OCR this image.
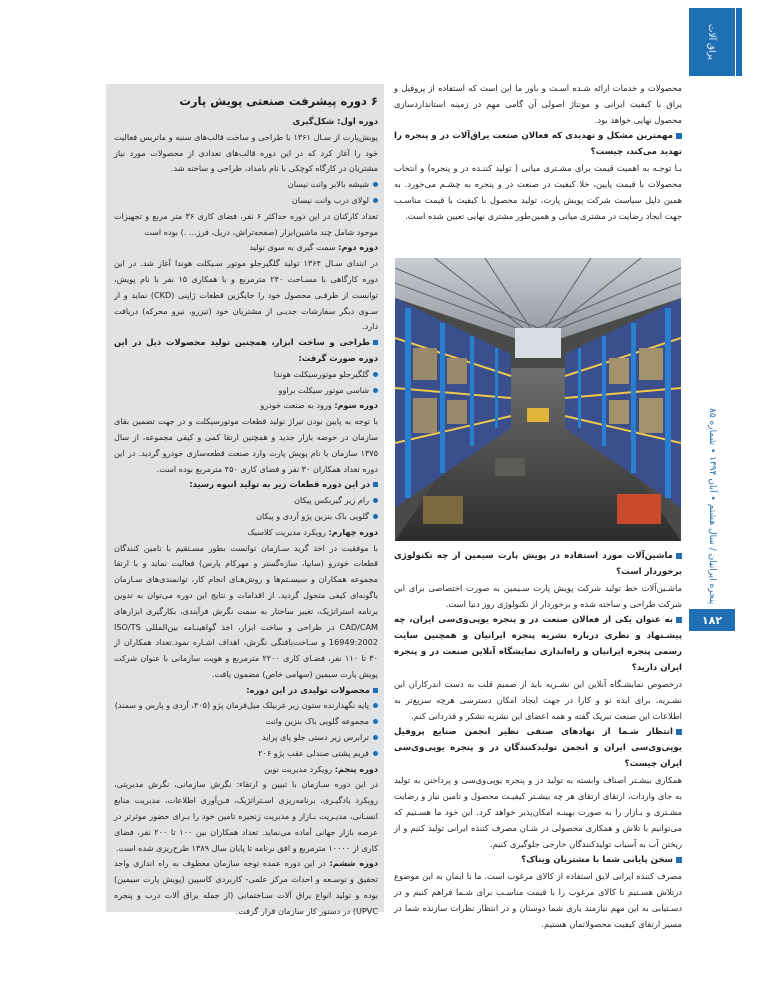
یراق آلات
پنجره ایرانیان / سال هشتم • آبان ۱۳۹۴ • شماره ۸۵
۱۸۲

محصولات و خدمات ارائه شـده اسـت و باور ما این است که استفاده از پروفیل و یراق با کیفیت ایرانی و مونتاژ اصولی آن گامی مهم در زمینه استانداردسازی محصول نهایی خواهد بود.

مهمترین مشکل و تهدیدی که فعالان صنعت یراق‌آلات در و پنجره را تهدید می‌کند، چیست؟

بـا توجـه به اهمیت قیمت برای مشـتری میانی ( تولید کننـده در و پنجره) و انتخاب محصولات با قیمت پایین، خلا کیفیت در صنعت در و پنجره به چشـم می‌خورد. به همین دلیل سیاست شرکت پویش پارت، تولید محصول با کیفیت با قیمت مناسـب جهت ایجاد رضایت در مشتری میانی و همین‌طور مشتری نهایی تعیین شده است.

ماشین‌آلات مورد استفاده در پویش پارت سیمین از چه تکنولوژی برخوردار است؟

ماشـین‌آلات خط تولید شرکت پویش پارت سـیمین به صورت اختصاصی برای این شرکت طراحی و ساخته شده و برخوردار از تکنولوژی روز دنیا است.

به عنوان یکی از فعالان صنعت در و پنجره یوپی‌وی‌سی ایران، چه پیشـنهاد و نظری درباره نشریه پنجره ایرانیان و همچنین سایت رسمی پنجره ایرانیان و راه‌اندازی نمایشگاه آنلاین صنعت در و پنجره ایران دارید؟

درخصوص نمایشـگاه آنلاین این نشـریه باید از صمیم قلب به دست اندرکاران این نشـریه، برای ایده نو و کارا در جهت ایجاد امکان دسترسی هرچه سریع‌تر به اطلاعات این صنعت تبریک گفته و همه اعضای این نشریه تشکر و قدردانی کنم.

انتظار شـما از نهادهای صنفی نظیر انجمن صنایع پروفیل یوپی‌وی‌سی ایران و انجمن تولیدکنندگان در و پنجره یوپی‌وی‌سی ایران چیست؟

همکاری بیشـتر اصناف وابسته به تولید در و پنجره یوپی‌وی‌سی و پرداختن به تولید به جای واردات، ارتقای ارتقای هر چه بیشـتر کیفیـت محصول و تامین نیاز و رضایت مشـتری و بـازار را به صورت بهینـه امکان‌پذیر خواهد کرد. این خود ما هسـتیم که می‌توانیم با تلاش و همکاری محصولی در شـان مصرف کننده ایرانی تولید کنیم و از ریختن آب به آسیاب تولیدکنندگان خارجی جلوگیری کنیم.

سخن پایانی شما با مشتریان ویناک؟

مصرف کننده ایرانی لایق استفاده از کالای مرغوب است. ما با ایمان به این موضوع درتلاش هسـتیم تا کالای مرغوب را با قیمت مناسـب برای شـما فراهم کنیم و در دسـتیابی به این مهم نیازمند یاری شما دوستان و در انتظار نظرات سازنده شما در مسیر ارتقای کیفیت محصولاتمان هستیم.

۶ دوره پیشرفت صنعتی پویش پارت

دوره اول: شکل‌گیری

پویش‌پارت از سـال ۱۳۶۱ با طراحی و ساخت قالب‌های سنبه و ماتریس فعالیت خود را آغاز کرد که در این دوره قالب‌های تعدادی از محصولات مورد نیاز مشتریان در کارگاه کوچکی با نام بامداد، طراحی و ساخته شد.

شیشه بالابر وانت نیسان

لولای درب وانت نیسان

تعداد کارکنان در این دوره حداکثر ۶ نفر، فضای کاری ۳۶ متر مربع و تجهیزات موجود شامل چند ماشین‌ابزار (صفحه‌تراش، دریل، فرز... .) بوده است

دوره دوم: سمت گیری به سوی تولید

در ابتدای سـال ۱۳۶۴ تولید گلگیرجلو موتور سـیکلت هوندا آغاز شد. در این دوره کارگاهی با مسـاحت ۲۴۰ مترمربع و با همکاری ۱۵ نفر با نام پویش، توانست از طرفـی محصول خود را جایگزین قطعات ژاپنی (CKD) نماید و از سـوی دیگر سفارشات جدیـی از مشتریان خود (تیزرو، نیرو محرکه) دریافت دارد.

طراحی و ساخت ابزار، همچنین تولید محصولات ذیل در این دوره صورت گرفت:

گلگیرجلو موتورسیکلت هوندا

شاسی موتور سیکلت براوو

دوره سوم: ورود به صنعت خودرو

با توجه به پایین بودن تیراژ تولید قطعات موتورسیکلت و در جهت تضمین بقای سازمان در حوضه بازار جدید و همچنین ارتقا کمی و کیفی مجموعه، از سال ۱۳۷۵ سازمان با نام پویش پارت وارد صنعت قطعه‌سازی خودرو گردید. در این دوره تعداد همکاران ۳۰ نفر و فضای کاری ۴۵۰ مترمربع بوده است.

در این دوره قطعات زیر به تولید انبوه رسید:

رام زیر گیربکس پیکان

گلویی باک بنزین پژو آردی و پیکان

دوره چهارم: رویکرد مدیریت کلاسیک

با موفقیت در اخذ گرید سـازمان توانست بطور مسـتقیم با تامین کنندگان قطعات خودرو (سایپا، سازه‌گستر و مهرکام پارس) فعالیت نماید و با ارتقا مجموعه همکاران و سیسـتم‌ها و روش‌هـای انجام کار، توانمندی‌های سـازمان باگونه‌ای کیفی متحول گردید. از اقدامات و نتایج این دوره می‌توان به تدوین برنامه استراتژیک، تغییر ساختار به سمت نگرش فرآیندی، بکارگیری ابزارهای CAD/CAM در طراحی و ساخت ابزار، اخذ گواهینـامه بین‌المللی ISO/TS 16949:2002 و سـاخت‌یافتگی نگرش، اهداف اشـاره نمود.تعداد همکاران از ۳۰ تا ۱۱۰ نفر، فضـای کاری ۲۲۰۰ مترمربع و هویت سازمانی با عنوان شرکت پویش پارت سیمین (سهامی خاص) مضمون یافت.

محصولات تولیدی در این دوره:

پایه نگهدارنده ستون زیر غربیلک میل‌فرمان پژو (۴۰۵، آردی و پارس و سمند)

مجموعه گلویی باک بنزین وانت

ترابرس زیر دستی جلو پای پراید

فریم پشتی صندلی عقب پژو ۲۰۶

دوره پنجم: رویکرد مدیریت نوین

در این دوره سـازمان با تبیین و ارتقاء: نگرش سازمانی، نگرش مدیریتی، رویکرد یادگیـری، برنامه‌ریزی اسـتراتژیک، فـن‌آوری اطلاعات، مدیریت منابع انسـانی، مدیـریت بـازار و مدیریت زنجیره تامین خود را بـرای حضور موثرتر در عرصه بازار جهانی آماده می‌نماید. تعداد همکاران بین ۱۰۰ تا ۲۰۰ نفر، فضای کاری از ۱۰۰۰۰ مترمربع و افق برنامه تا پایان سال ۱۳۸۹ طرح‌ریزی شده است.

دوره ششم: در این دوره عمده توجه سازمان معطوف به راه اندازی واحد تحقیق و توسـعه و احداث مرکز علمی- کاربردی کاسپین (پویش پارت سیمین) بوده و تولید انواع یراق آلات سـاختمانی (از جمله یراق آلات درب و پنجره UPVC) در دستور کار سازمان قرار گرفت.
